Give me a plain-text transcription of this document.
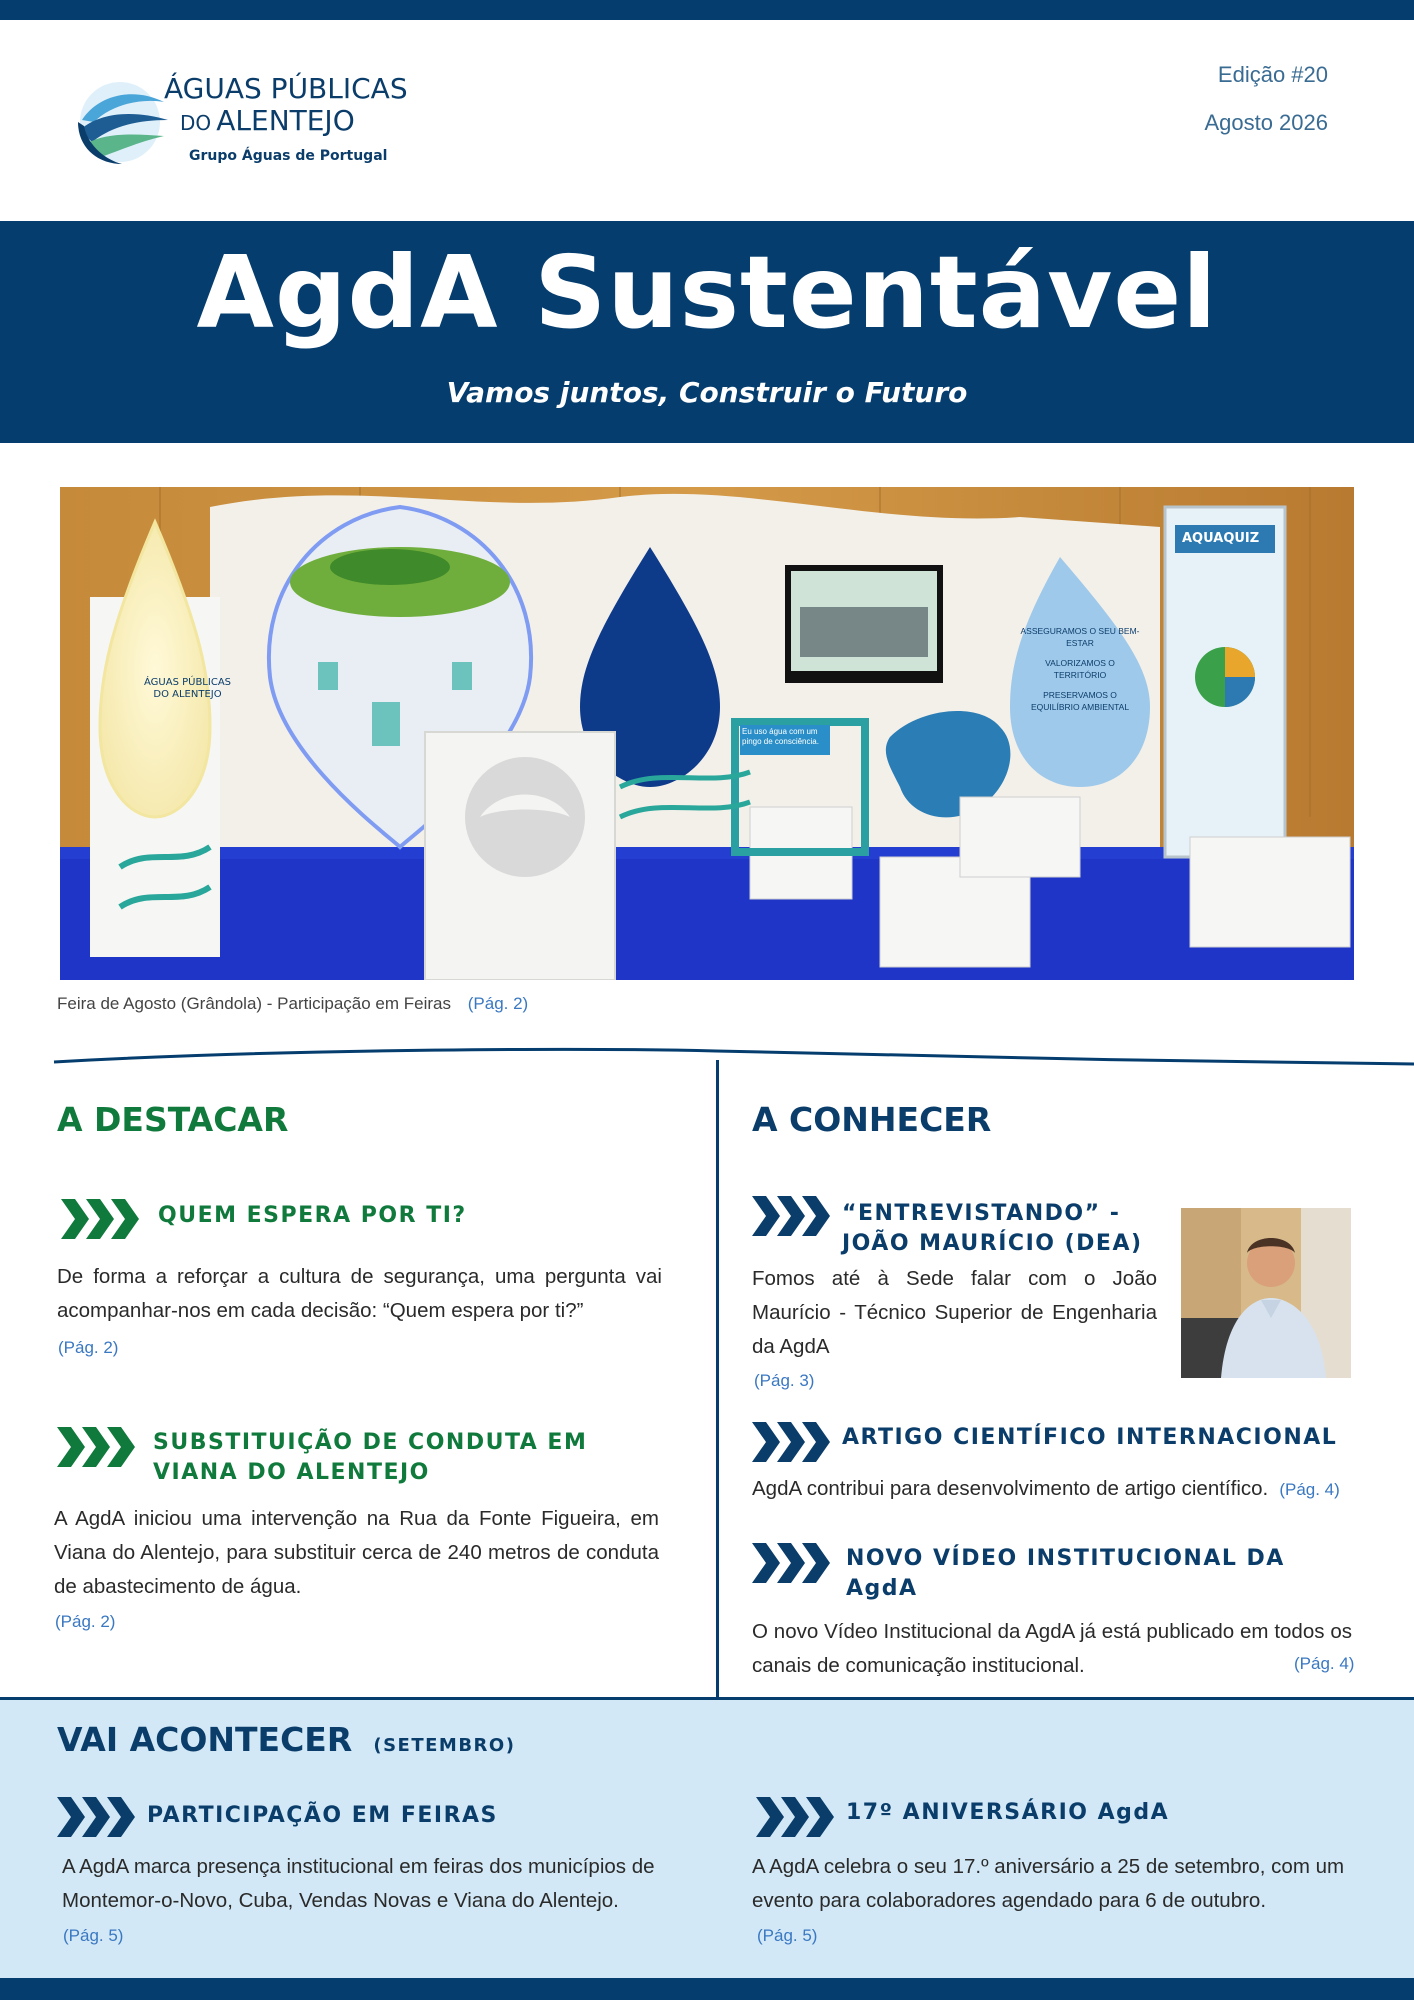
ÁGUAS PÚBLICAS
DO ALENTEJO
Grupo Águas de Portugal
Edição #20
Agosto 2026
AgdA Sustentável
Vamos juntos, Construir o Futuro
ÁGUAS PÚBLICAS
DO ALENTEJO
AQUAQUIZ
ASSEGURAMOS O SEU BEM-ESTAR
VALORIZAMOS O TERRITÓRIO
PRESERVAMOS O EQUILÍBRIO AMBIENTAL
Eu uso água com um pingo de consciência.
Feira de Agosto (Grândola) - Participação em Feiras (Pág. 2)
A DESTACAR
QUEM ESPERA POR TI?
De forma a reforçar a cultura de segurança, uma pergunta vai acompanhar-nos em cada decisão: “Quem espera por ti?”
(Pág. 2)
SUBSTITUIÇÃO DE CONDUTA EM
VIANA DO ALENTEJO
A AgdA iniciou uma intervenção na Rua da Fonte Figueira, em Viana do Alentejo, para substituir cerca de 240 metros de conduta de abastecimento de água.
(Pág. 2)
A CONHECER
“ENTREVISTANDO” -
JOÃO MAURÍCIO (DEA)
Fomos até à Sede falar com o João Maurício - Técnico Superior de Engenharia da AgdA
(Pág. 3)
ARTIGO CIENTÍFICO INTERNACIONAL
AgdA contribui para desenvolvimento de artigo científico. (Pág. 4)
NOVO VÍDEO INSTITUCIONAL DA
AgdA
O novo Vídeo Institucional da AgdA já está publicado em todos os canais de comunicação institucional.	(Pág. 4)
VAI ACONTECER (SETEMBRO)
PARTICIPAÇÃO EM FEIRAS
A AgdA marca presença institucional em feiras dos municípios de Montemor-o-Novo, Cuba, Vendas Novas e Viana do Alentejo.
(Pág. 5)
17º ANIVERSÁRIO AgdA
A AgdA celebra o seu 17.º aniversário a 25 de setembro, com um evento para colaboradores agendado para 6 de outubro.
(Pág. 5)
